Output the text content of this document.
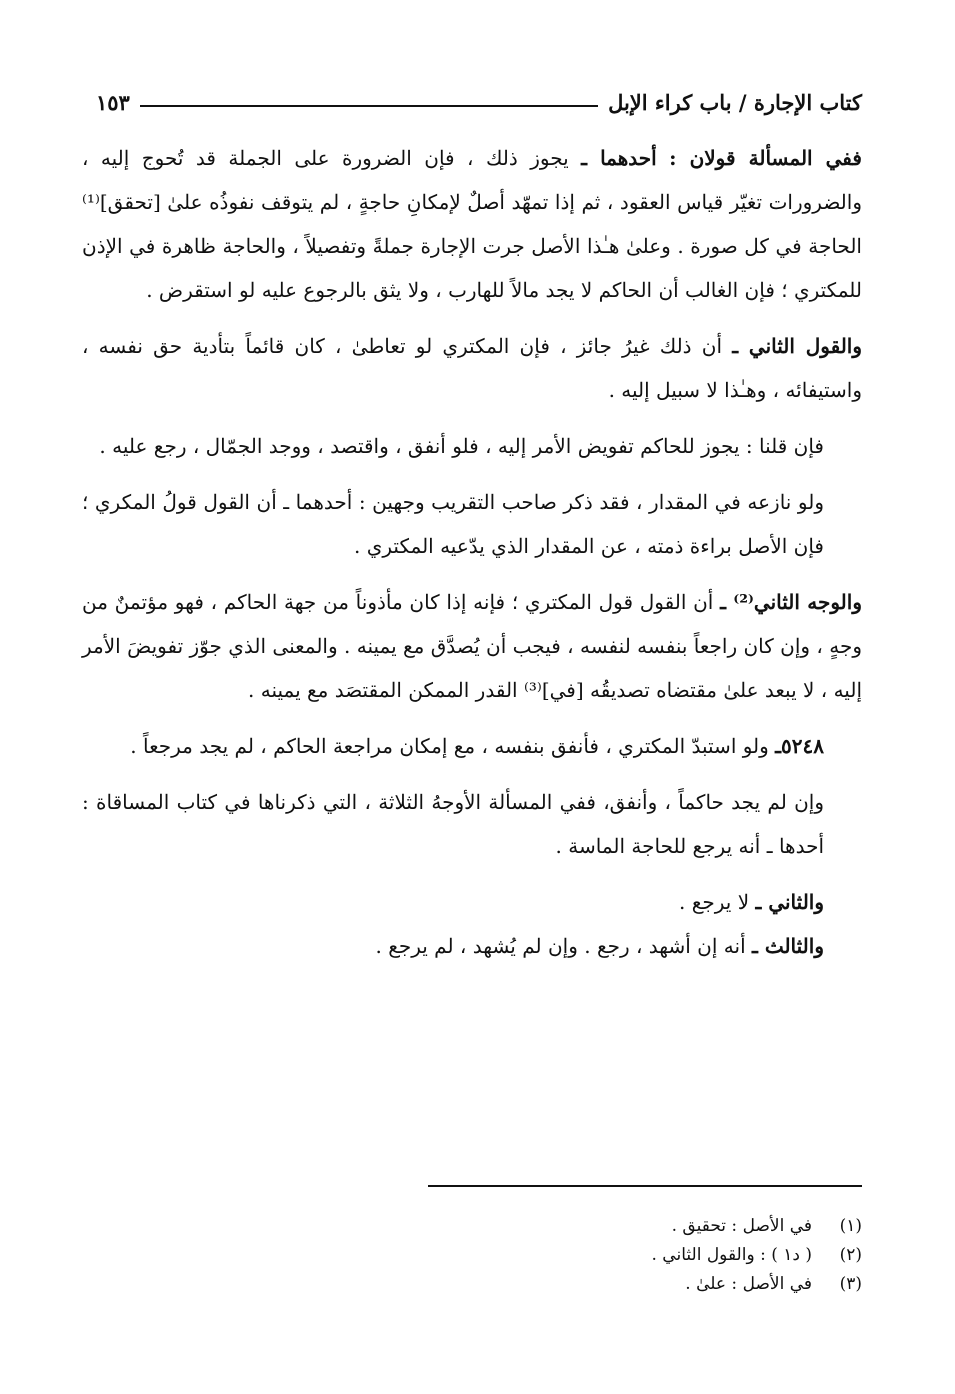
كتاب الإجارة / باب كراء الإبل
١٥٣

ففي المسألة قولان : أحدهما ـ يجوز ذلك ، فإن الضرورة على الجملة قد تُحوج إليه ، والضرورات تغيّر قياس العقود ، ثم إذا تمهّد أصلٌ لإمكانِ حاجةٍ ، لم يتوقف نفوذُه علىٰ [تحقق]⁽¹⁾ الحاجة في كل صورة . وعلىٰ هـٰذا الأصل جرت الإجارة جملةً وتفصيلاً ، والحاجة ظاهرة في الإذن للمكتري ؛ فإن الغالب أن الحاكم لا يجد مالاً للهارب ، ولا يثق بالرجوع عليه لو استقرض .

والقول الثاني ـ أن ذلك غيرُ جائز ، فإن المكتري لو تعاطىٰ ، كان قائماً بتأدية حق نفسه ، واستيفائه ، وهـٰذا لا سبيل إليه .

فإن قلنا : يجوز للحاكم تفويض الأمر إليه ، فلو أنفق ، واقتصد ، ووجد الجمّال ، رجع عليه .

ولو نازعه في المقدار ، فقد ذكر صاحب التقريب وجهين : أحدهما ـ أن القول قولُ المكري ؛ فإن الأصل براءة ذمته ، عن المقدار الذي يدّعيه المكتري .

والوجه الثاني⁽²⁾ ـ أن القول قول المكتري ؛ فإنه إذا كان مأذوناً من جهة الحاكم ، فهو مؤتمنٌ من وجهٍ ، وإن كان راجعاً بنفسه لنفسه ، فيجب أن يُصدَّق مع يمينه . والمعنى الذي جوّز تفويضَ الأمر إليه ، لا يبعد علىٰ مقتضاه تصديقُه [في]⁽³⁾ القدر الممكن المقتصَد مع يمينه .

٥٢٤٨ـ ولو استبدّ المكتري ، فأنفق بنفسه ، مع إمكان مراجعة الحاكم ، لم يجد مرجعاً .

وإن لم يجد حاكماً ، وأنفق، ففي المسألة الأوجهُ الثلاثة ، التي ذكرناها في كتاب المساقاة : أحدها ـ أنه يرجع للحاجة الماسة .

والثاني ـ لا يرجع .

والثالث ـ أنه إن أشهد ، رجع . وإن لم يُشهد ، لم يرجع .

(١)
في الأصل : تحقيق .
(٢)
( د١ ) : والقول الثاني .
(٣)
في الأصل : علىٰ .
